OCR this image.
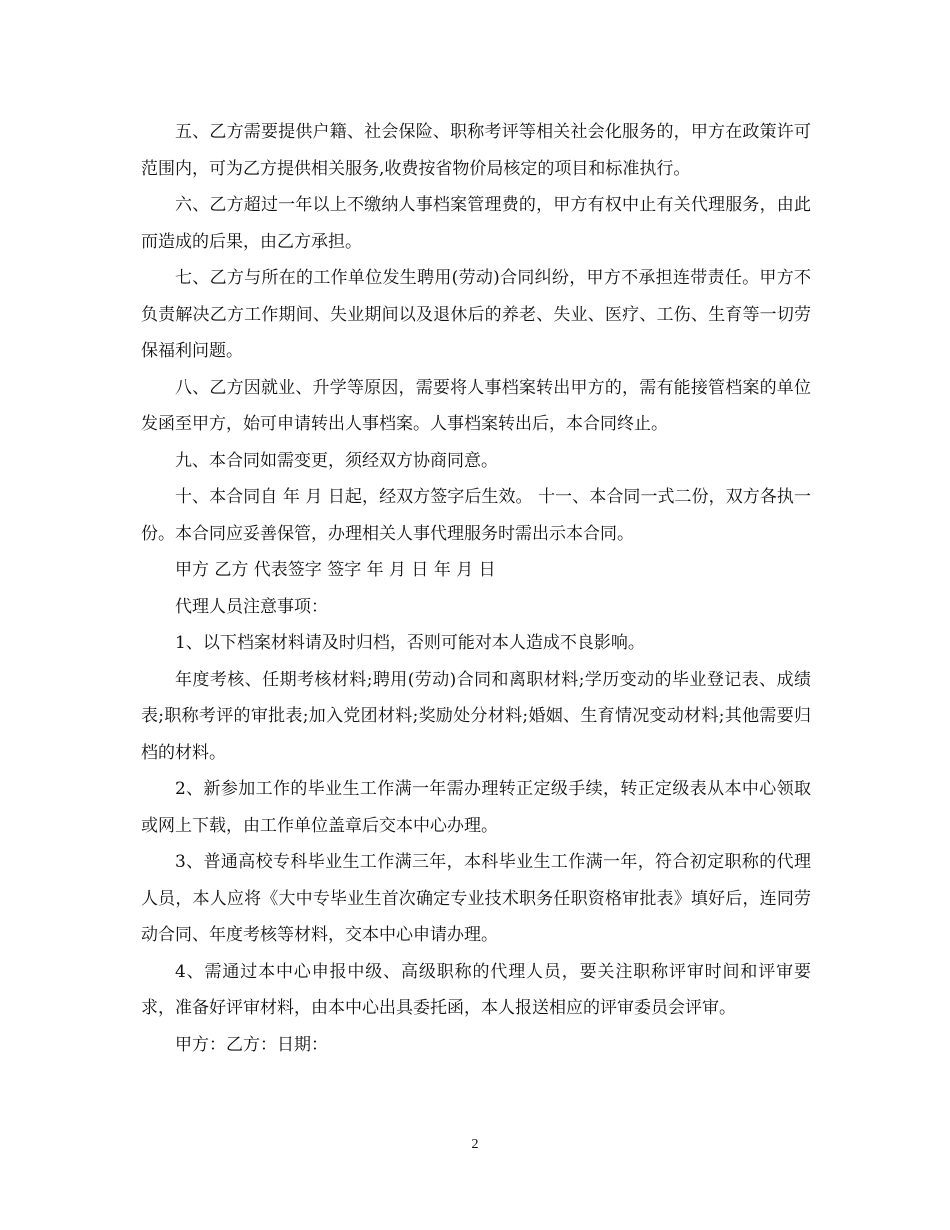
五、乙方需要提供户籍、社会保险、职称考评等相关社会化服务的，甲方在政策许可范围内，可为乙方提供相关服务,收费按省物价局核定的项目和标准执行。

六、乙方超过一年以上不缴纳人事档案管理费的，甲方有权中止有关代理服务，由此而造成的后果，由乙方承担。

七、乙方与所在的工作单位发生聘用(劳动)合同纠纷，甲方不承担连带责任。甲方不负责解决乙方工作期间、失业期间以及退休后的养老、失业、医疗、工伤、生育等一切劳保福利问题。

八、乙方因就业、升学等原因，需要将人事档案转出甲方的，需有能接管档案的单位发函至甲方，始可申请转出人事档案。人事档案转出后，本合同终止。

九、本合同如需变更，须经双方协商同意。

十、本合同自 年 月 日起，经双方签字后生效。 十一、本合同一式二份，双方各执一份。本合同应妥善保管，办理相关人事代理服务时需出示本合同。

甲方 乙方 代表签字 签字 年 月 日 年 月 日

代理人员注意事项：

1、以下档案材料请及时归档，否则可能对本人造成不良影响。

年度考核、任期考核材料;聘用(劳动)合同和离职材料;学历变动的毕业登记表、成绩表;职称考评的审批表;加入党团材料;奖励处分材料;婚姻、生育情况变动材料;其他需要归档的材料。

2、新参加工作的毕业生工作满一年需办理转正定级手续，转正定级表从本中心领取或网上下载，由工作单位盖章后交本中心办理。

3、普通高校专科毕业生工作满三年，本科毕业生工作满一年，符合初定职称的代理人员，本人应将《大中专毕业生首次确定专业技术职务任职资格审批表》填好后，连同劳动合同、年度考核等材料，交本中心申请办理。

4、需通过本中心申报中级、高级职称的代理人员，要关注职称评审时间和评审要求，准备好评审材料，由本中心出具委托函，本人报送相应的评审委员会评审。

甲方：乙方：日期：

2
